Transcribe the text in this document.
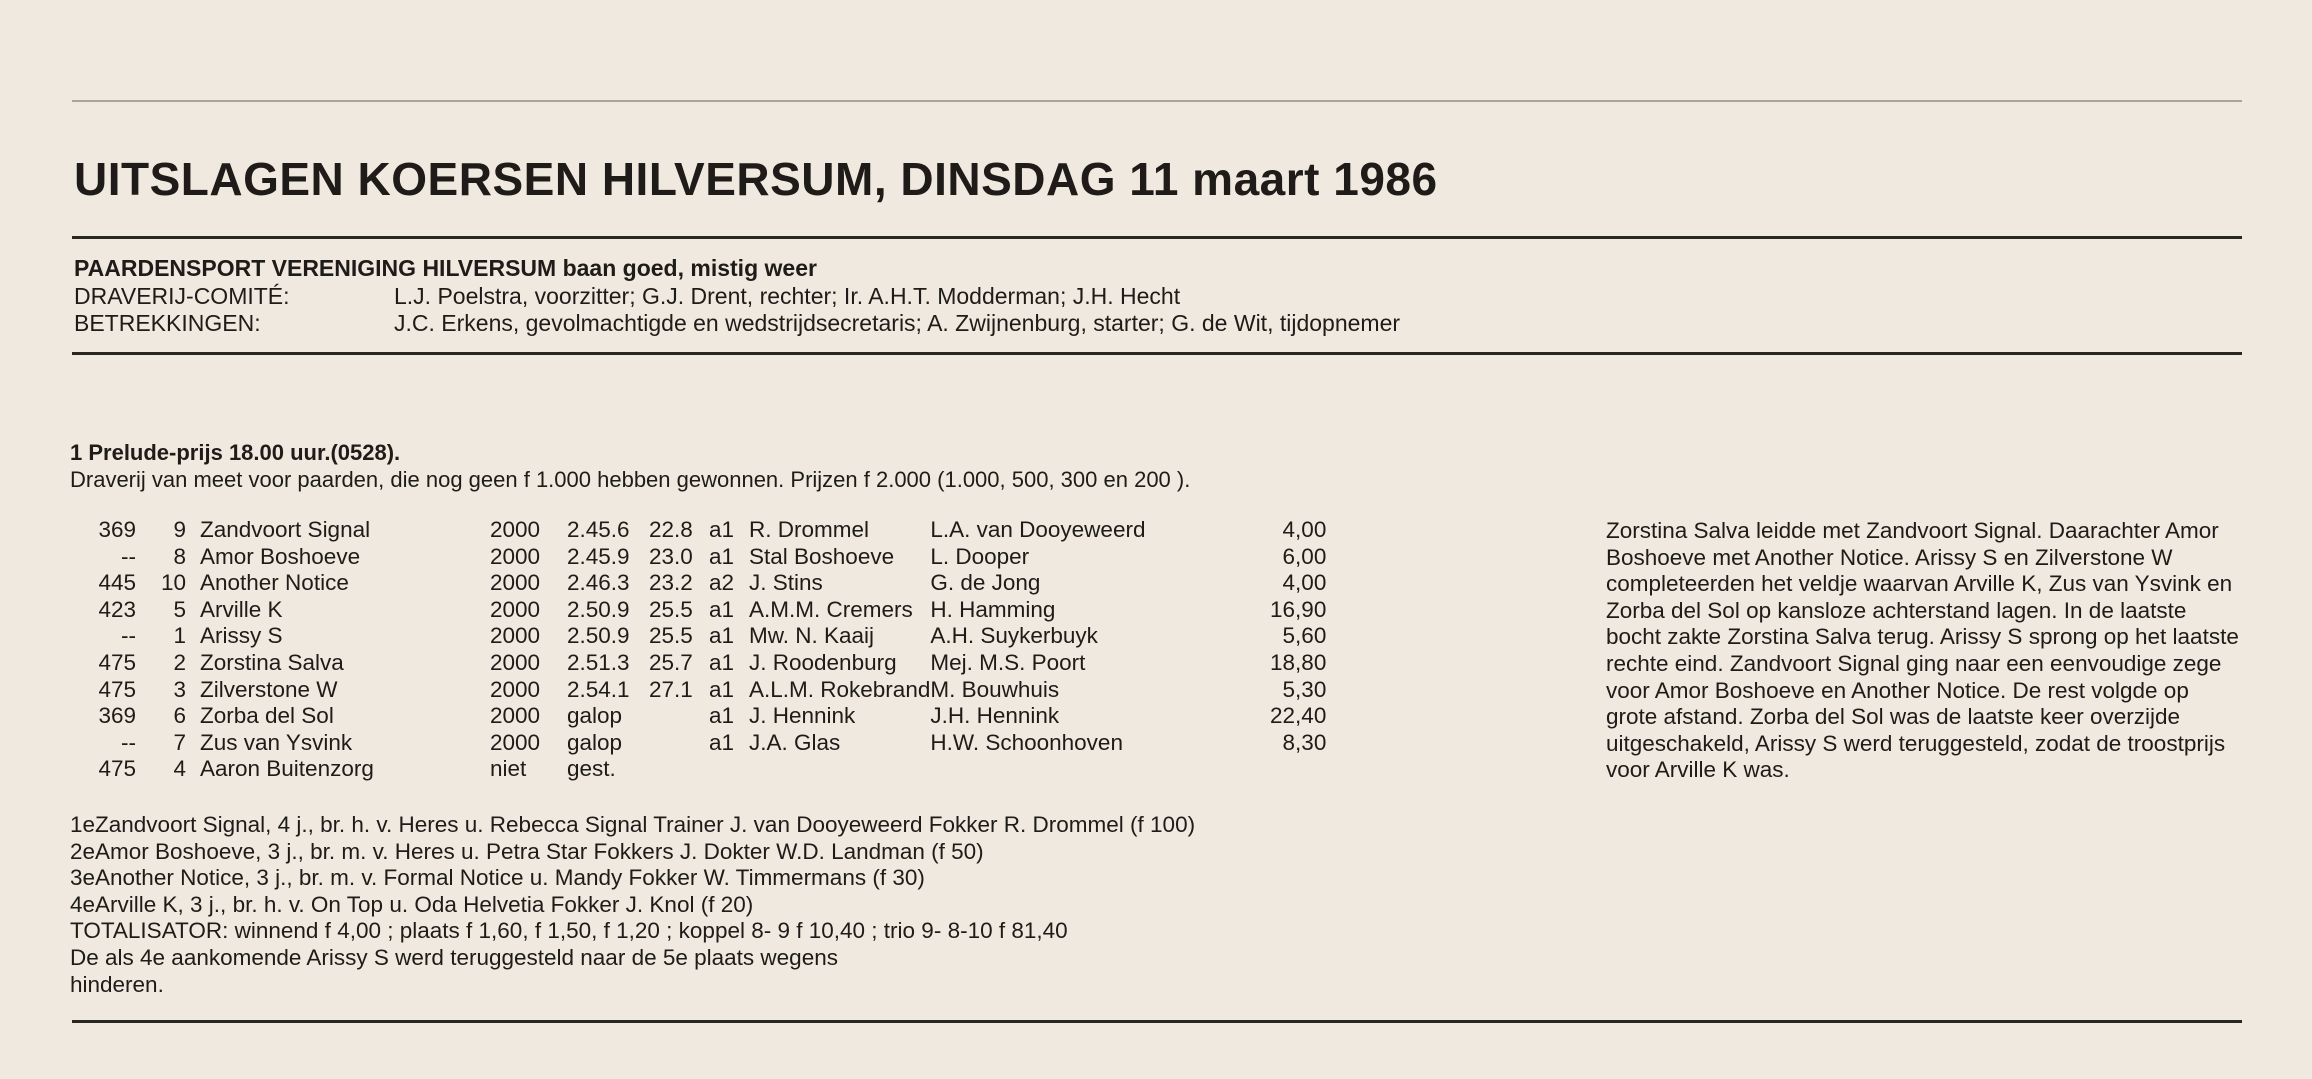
UITSLAGEN KOERSEN HILVERSUM, DINSDAG 11 maart 1986
PAARDENSPORT VERENIGING HILVERSUM baan goed, mistig weer
DRAVERIJ-COMITÉ:	L.J. Poelstra, voorzitter; G.J. Drent, rechter; Ir. A.H.T. Modderman; J.H. Hecht
BETREKKINGEN:	J.C. Erkens, gevolmachtigde en wedstrijdsecretaris; A. Zwijnenburg, starter; G. de Wit, tijdopnemer
1 Prelude-prijs 18.00 uur.(0528).
Draverij van meet voor paarden, die nog geen f 1.000 hebben gewonnen. Prijzen f 2.000 (1.000, 500, 300 en 200 ).
369	9	Zandvoort Signal	2000	2.45.6	22.8	a1	R. Drommel	L.A. van Dooyeweerd	4,00
--	8	Amor Boshoeve	2000	2.45.9	23.0	a1	Stal Boshoeve	L. Dooper	6,00
445	10	Another Notice	2000	2.46.3	23.2	a2	J. Stins	G. de Jong	4,00
423	5	Arville K	2000	2.50.9	25.5	a1	A.M.M. Cremers	H. Hamming	16,90
--	1	Arissy S	2000	2.50.9	25.5	a1	Mw. N. Kaaij	A.H. Suykerbuyk	5,60
475	2	Zorstina Salva	2000	2.51.3	25.7	a1	J. Roodenburg	Mej. M.S. Poort	18,80
475	3	Zilverstone W	2000	2.54.1	27.1	a1	A.L.M. Rokebrand	M. Bouwhuis	5,30
369	6	Zorba del Sol	2000	galop		a1	J. Hennink	J.H. Hennink	22,40
--	7	Zus van Ysvink	2000	galop		a1	J.A. Glas	H.W. Schoonhoven	8,30
475	4	Aaron Buitenzorg	niet	gest.					
Zorstina Salva leidde met Zandvoort Signal. Daarachter Amor Boshoeve met Another Notice. Arissy S en Zilverstone W completeerden het veldje waarvan Arville K, Zus van Ysvink en Zorba del Sol op kansloze achterstand lagen. In de laatste bocht zakte Zorstina Salva terug. Arissy S sprong op het laatste rechte eind. Zandvoort Signal ging naar een eenvoudige zege voor Amor Boshoeve en Another Notice. De rest volgde op grote afstand. Zorba del Sol was de laatste keer overzijde uitgeschakeld, Arissy S werd teruggesteld, zodat de troostprijs voor Arville K was.
1eZandvoort Signal, 4 j., br. h. v. Heres u. Rebecca Signal Trainer J. van Dooyeweerd Fokker R. Drommel (f 100)
2eAmor Boshoeve, 3 j., br. m. v. Heres u. Petra Star Fokkers J. Dokter W.D. Landman (f 50)
3eAnother Notice, 3 j., br. m. v. Formal Notice u. Mandy Fokker W. Timmermans (f 30)
4eArville K, 3 j., br. h. v. On Top u. Oda Helvetia Fokker J. Knol (f 20)
TOTALISATOR: winnend f 4,00 ; plaats f 1,60, f 1,50, f 1,20 ; koppel 8- 9 f 10,40 ; trio 9- 8-10 f 81,40
De als 4e aankomende Arissy S werd teruggesteld naar de 5e plaats wegens
hinderen.
